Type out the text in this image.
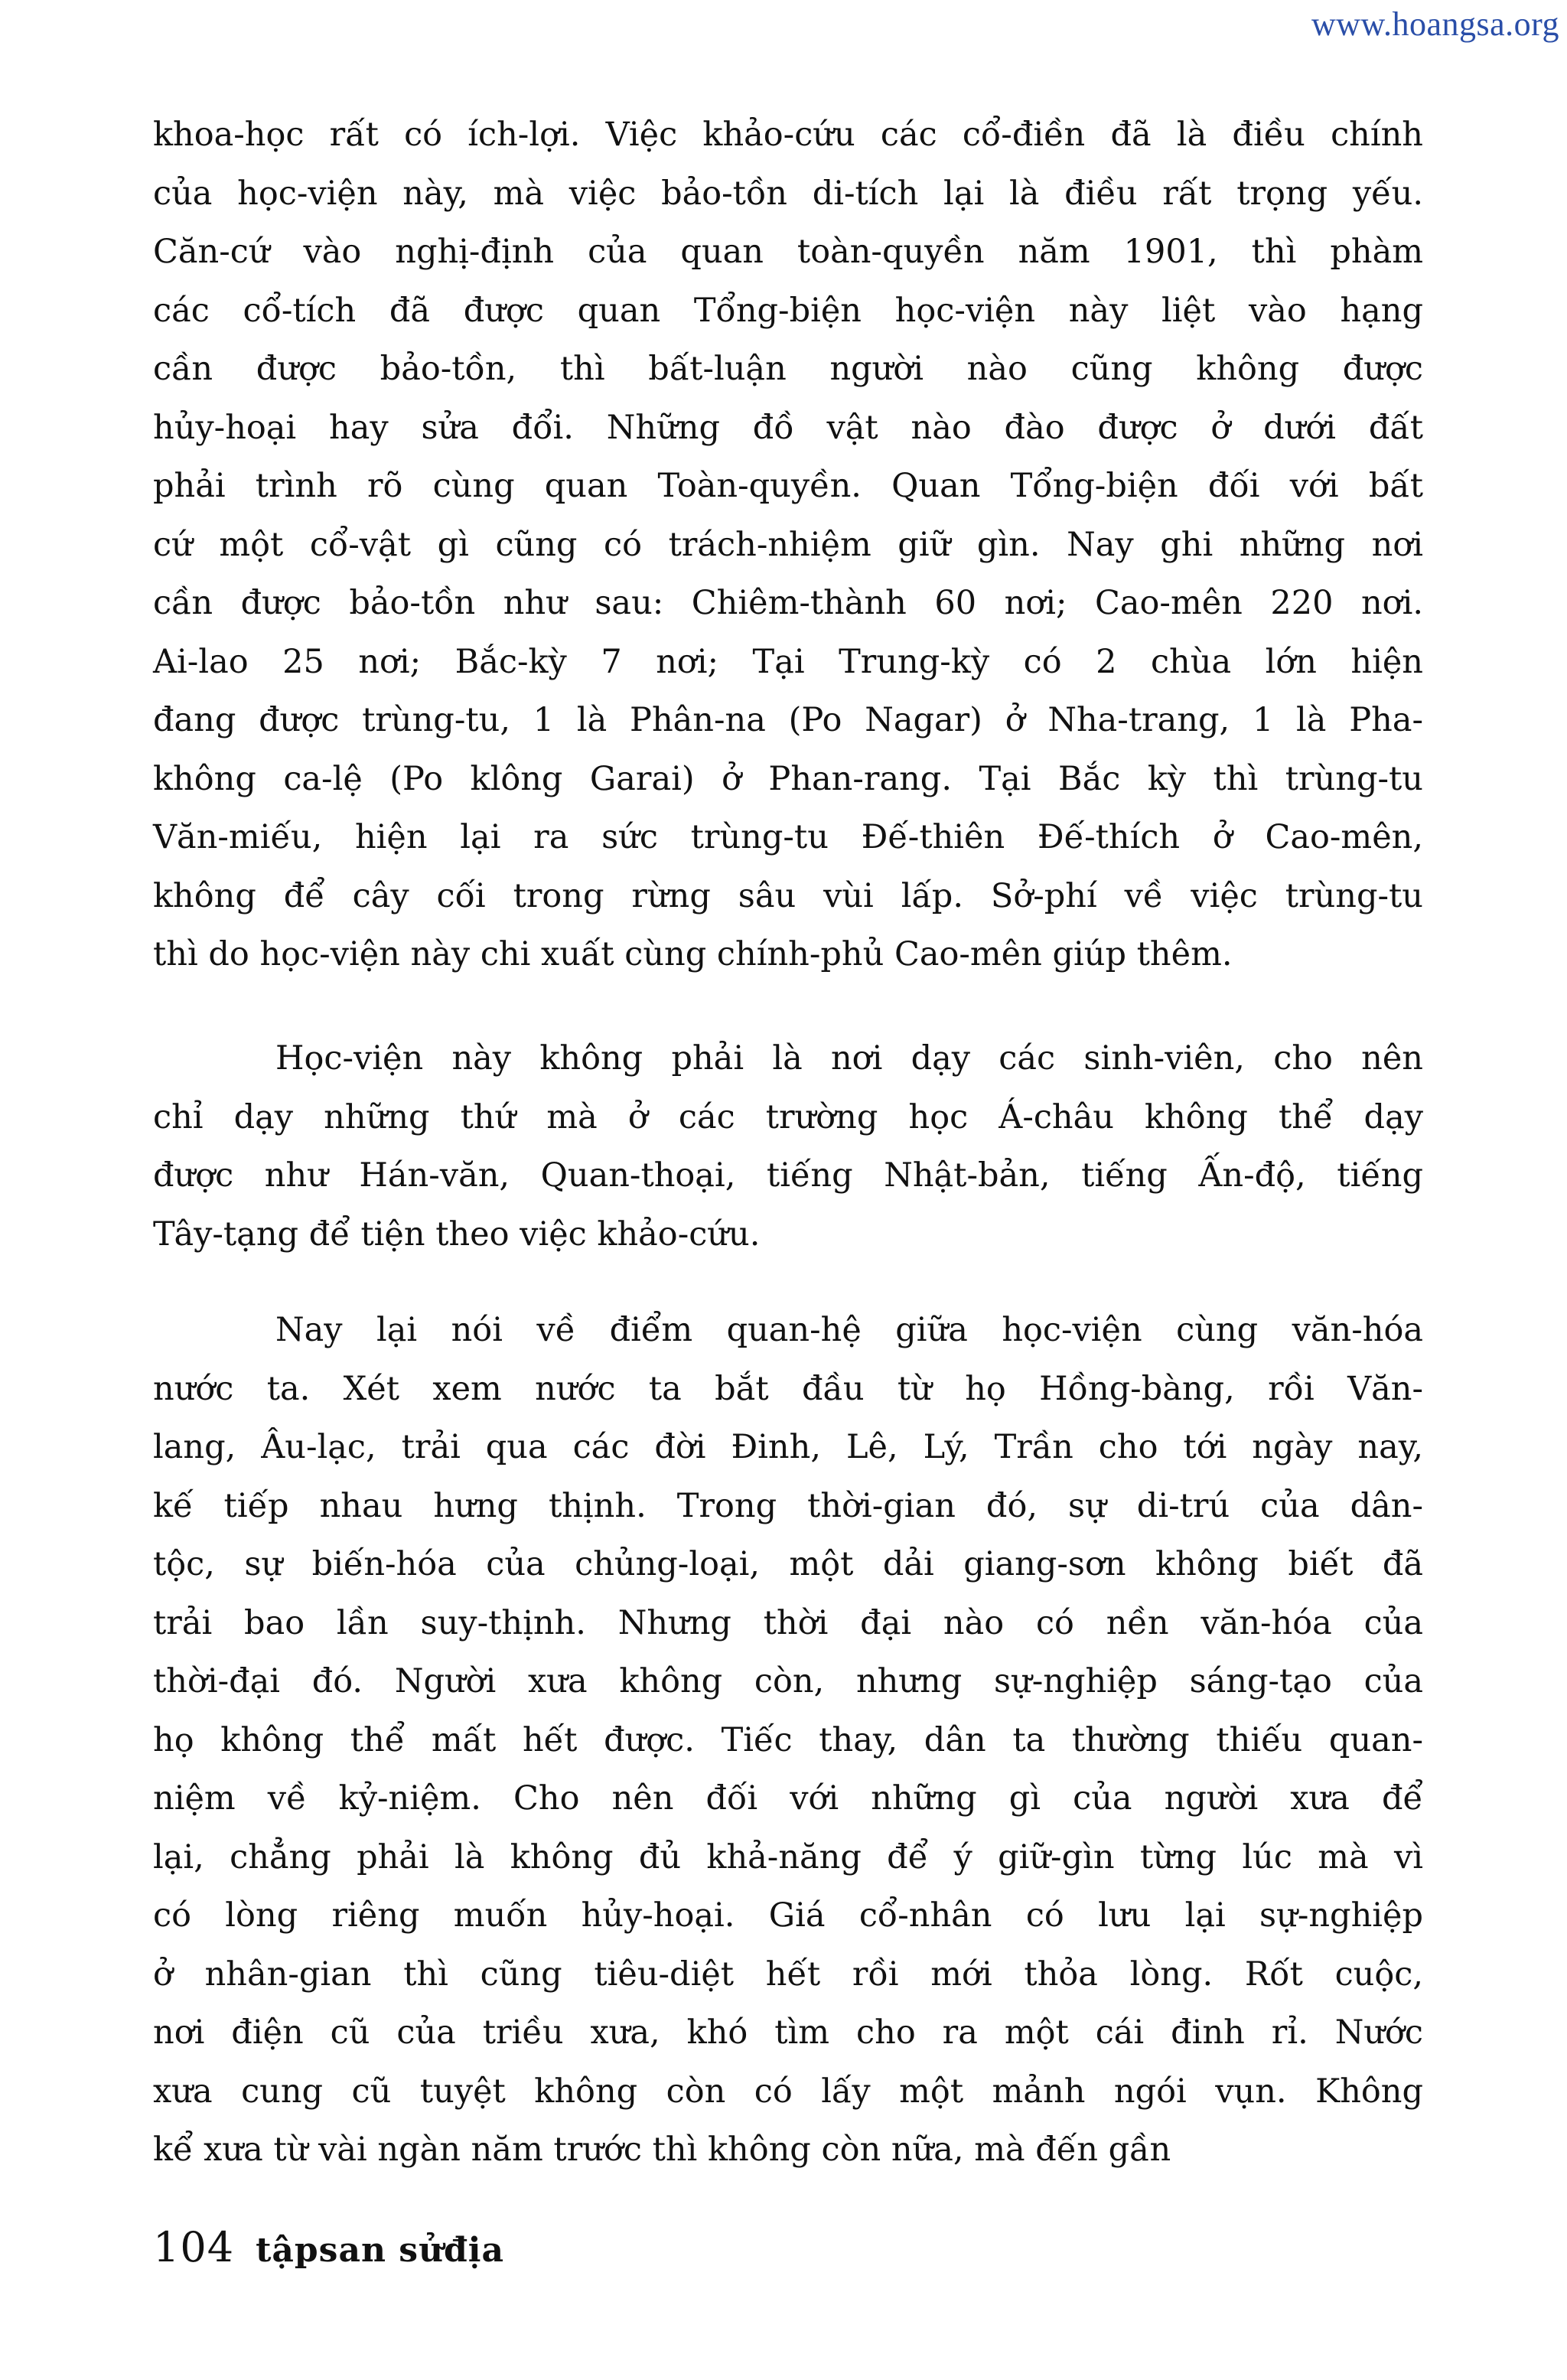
www.hoangsa.org
khoa-học rất có ích-lợi. Việc khảo-cứu các cổ-điền đã là điều chính
của học-viện này, mà việc bảo-tồn di-tích lại là điều rất trọng yếu.
Căn-cứ vào nghị-định của quan toàn-quyền năm 1901, thì phàm
các cổ-tích đã được quan Tổng-biện học-viện này liệt vào hạng
cần được bảo-tồn, thì bất-luận người nào cũng không được
hủy-hoại hay sửa đổi. Những đồ vật nào đào được ở dưới đất
phải trình rõ cùng quan Toàn-quyền. Quan Tổng-biện đối với bất
cứ một cổ-vật gì cũng có trách-nhiệm giữ gìn. Nay ghi những nơi
cần được bảo-tồn như sau: Chiêm-thành 60 nơi; Cao-mên 220 nơi.
Ai-lao 25 nơi; Bắc-kỳ 7 nơi; Tại Trung-kỳ có 2 chùa lớn hiện
đang được trùng-tu, 1 là Phân-na (Po Nagar) ở Nha-trang, 1 là Pha-
không ca-lệ (Po klông Garai) ở Phan-rang. Tại Bắc kỳ thì trùng-tu
Văn-miếu, hiện lại ra sức trùng-tu Đế-thiên Đế-thích ở Cao-mên,
không để cây cối trong rừng sâu vùi lấp. Sở-phí về việc trùng-tu
thì do học-viện này chi xuất cùng chính-phủ Cao-mên giúp thêm.
Học-viện này không phải là nơi dạy các sinh-viên, cho nên
chỉ dạy những thứ mà ở các trường học Á-châu không thể dạy
được như Hán-văn, Quan-thoại, tiếng Nhật-bản, tiếng Ấn-độ, tiếng
Tây-tạng để tiện theo việc khảo-cứu.
Nay lại nói về điểm quan-hệ giữa học-viện cùng văn-hóa
nước ta. Xét xem nước ta bắt đầu từ họ Hồng-bàng, rồi Văn-
lang, Âu-lạc, trải qua các đời Đinh, Lê, Lý, Trần cho tới ngày nay,
kế tiếp nhau hưng thịnh. Trong thời-gian đó, sự di-trú của dân-
tộc, sự biến-hóa của chủng-loại, một dải giang-sơn không biết đã
trải bao lần suy-thịnh. Nhưng thời đại nào có nền văn-hóa của
thời-đại đó. Người xưa không còn, nhưng sự-nghiệp sáng-tạo của
họ không thể mất hết được. Tiếc thay, dân ta thường thiếu quan-
niệm về kỷ-niệm. Cho nên đối với những gì của người xưa để
lại, chẳng phải là không đủ khả-năng để ý giữ-gìn từng lúc mà vì
có lòng riêng muốn hủy-hoại. Giá cổ-nhân có lưu lại sự-nghiệp
ở nhân-gian thì cũng tiêu-diệt hết rồi mới thỏa lòng. Rốt cuộc,
nơi điện cũ của triều xưa, khó tìm cho ra một cái đinh rỉ. Nước
xưa cung cũ tuyệt không còn có lấy một mảnh ngói vụn. Không
kể xưa từ vài ngàn năm trước thì không còn nữa, mà đến gần
104 tậpsan sửđịa
